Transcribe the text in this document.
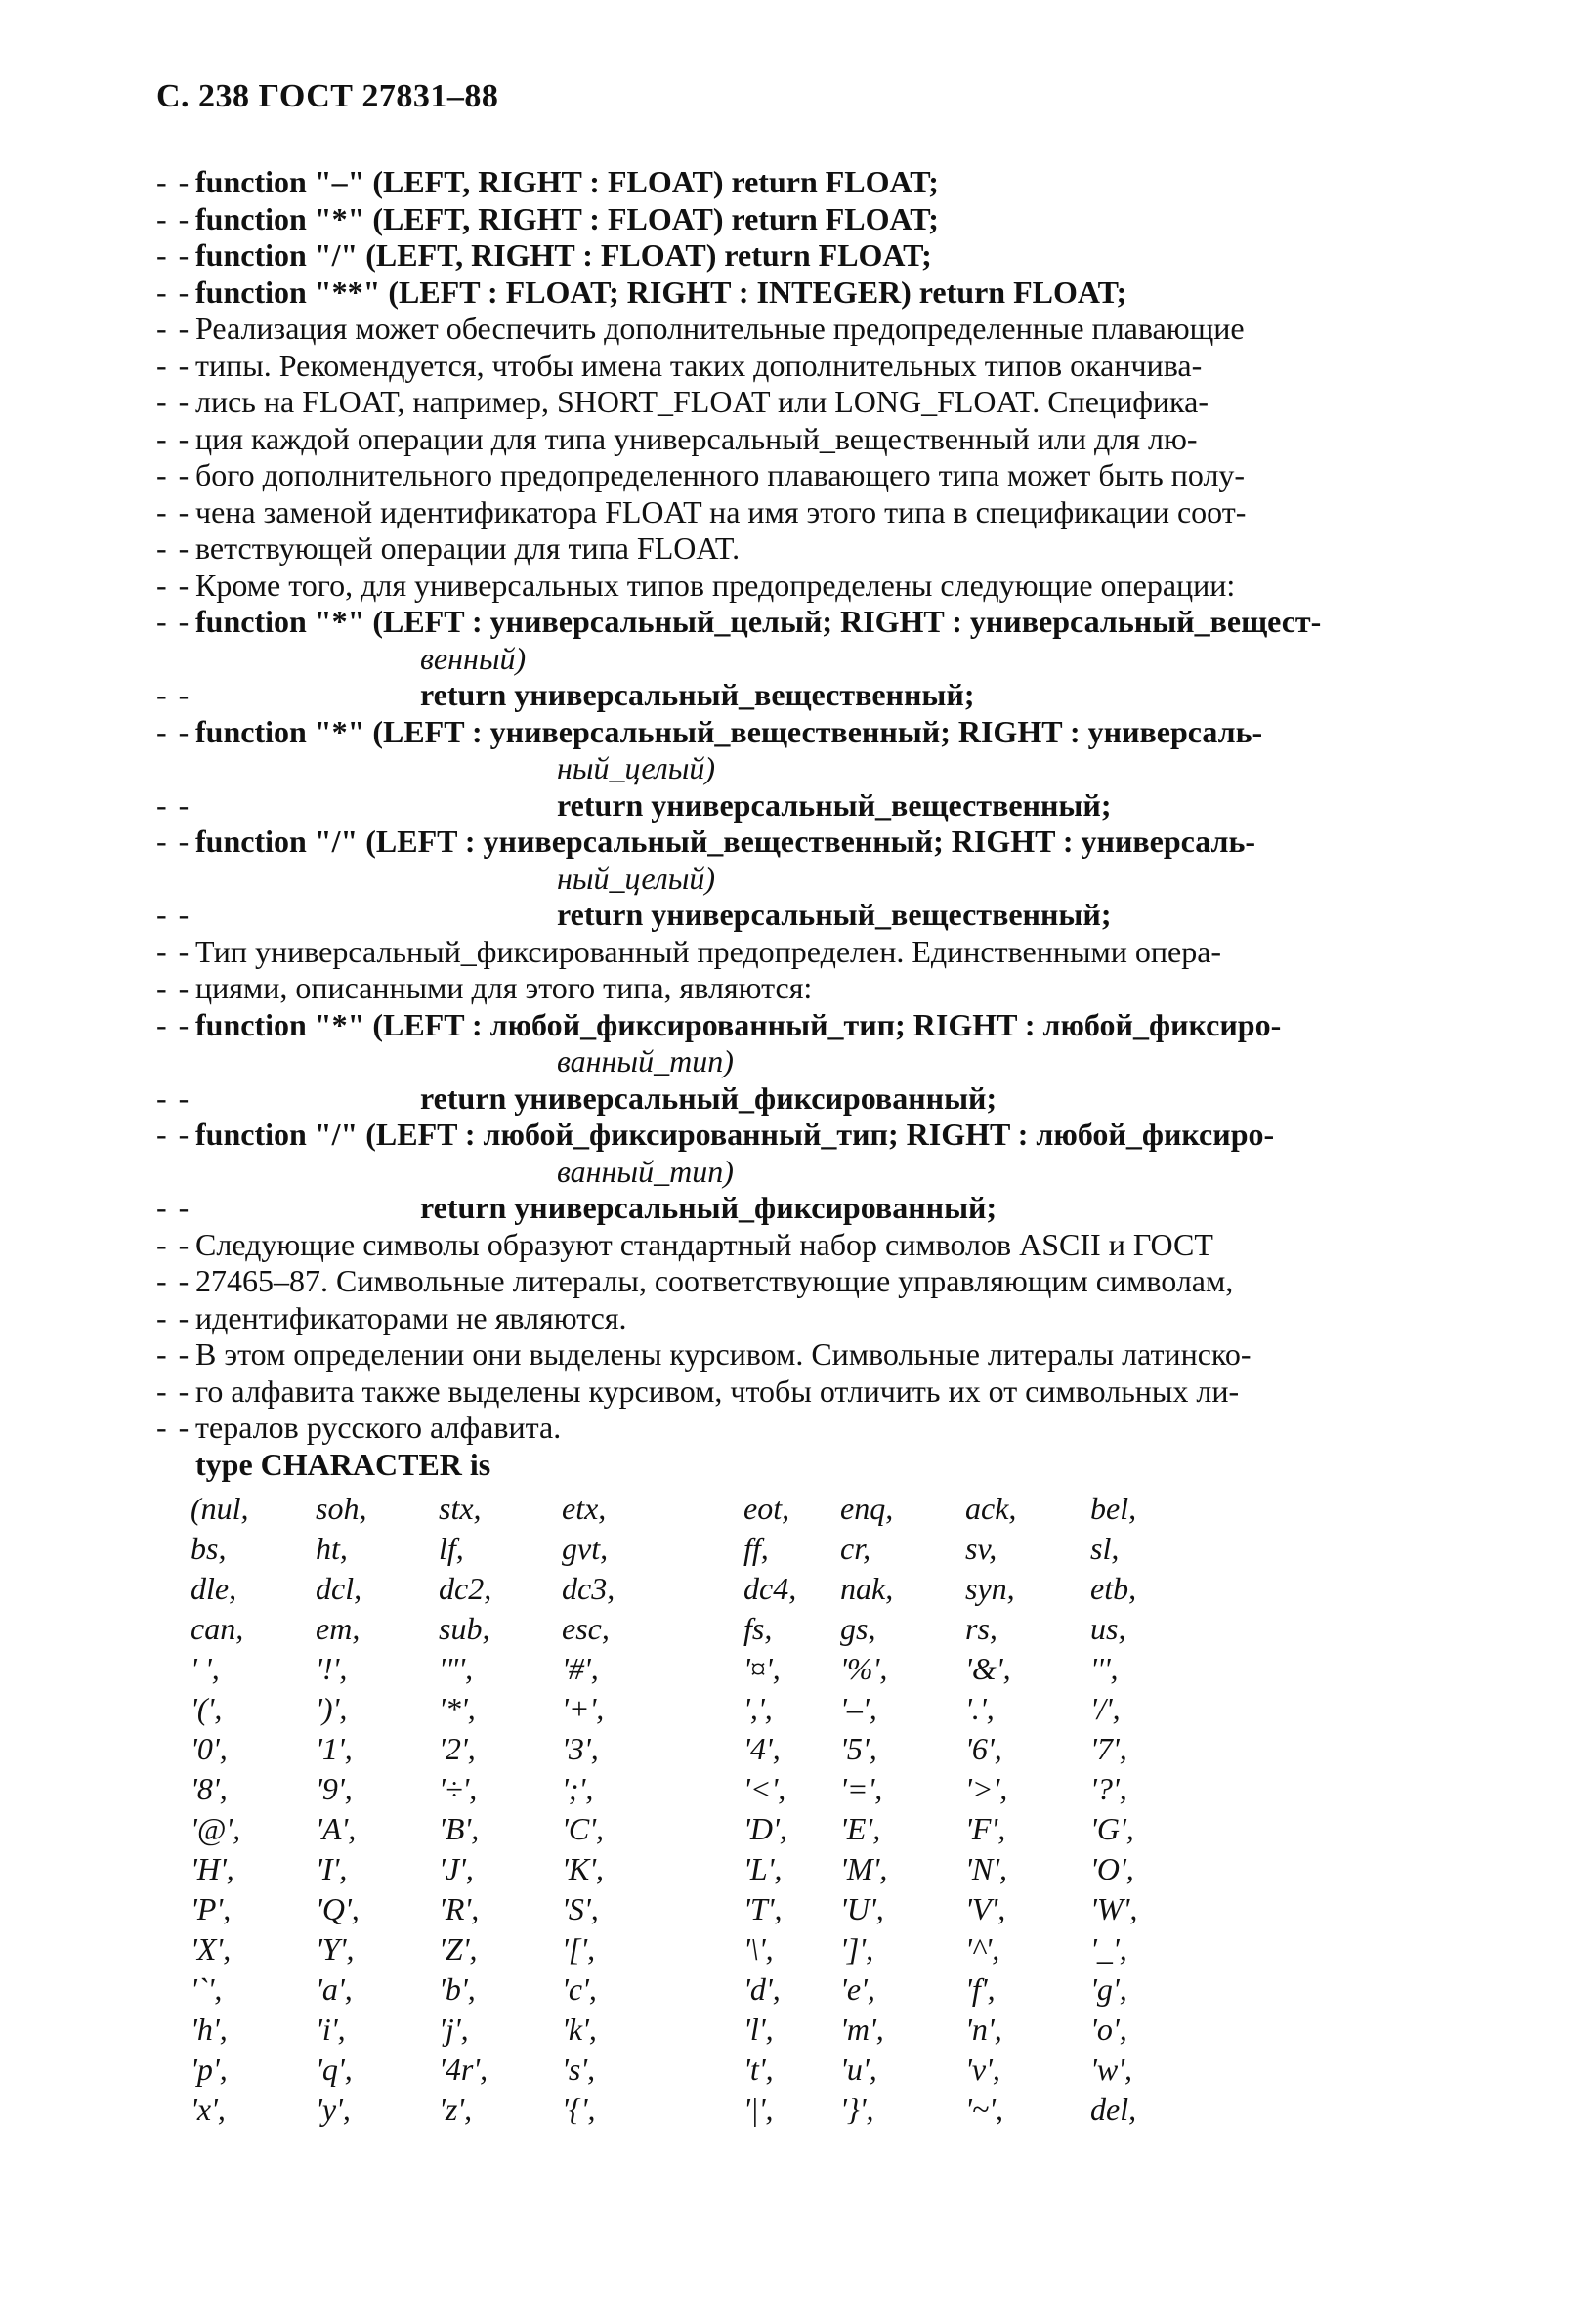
С. 238 ГОСТ 27831–88
- - function "–" (LEFT, RIGHT : FLOAT) return FLOAT;
- - function "*" (LEFT, RIGHT : FLOAT) return FLOAT;
- - function "/" (LEFT, RIGHT : FLOAT) return FLOAT;
- - function "**" (LEFT : FLOAT; RIGHT : INTEGER) return FLOAT;
- - Реализация может обеспечить дополнительные предопределенные плавающие
- - типы. Рекомендуется, чтобы имена таких дополнительных типов оканчива-
- - лись на FLOAT, например, SHORT_FLOAT или LONG_FLOAT. Специфика-
- - ция каждой операции для типа универсальный_вещественный или для лю-
- - бого дополнительного предопределенного плавающего типа может быть полу-
- - чена заменой идентификатора FLOAT на имя этого типа в спецификации соот-
- - ветствующей операции для типа FLOAT.
- - Кроме того, для универсальных типов предопределены следующие операции:
- - function "*" (LEFT : универсальный_целый; RIGHT : универсальный_вещест-
венный)
- -	return универсальный_вещественный;
- - function "*" (LEFT : универсальный_вещественный; RIGHT : универсаль-
ный_целый)
- -	return универсальный_вещественный;
- - function "/" (LEFT : универсальный_вещественный; RIGHT : универсаль-
ный_целый)
- -	return универсальный_вещественный;
- - Тип универсальный_фиксированный предопределен. Единственными опера-
- - циями, описанными для этого типа, являются:
- - function "*" (LEFT : любой_фиксированный_тип; RIGHT : любой_фиксиро-
ванный_тип)
- -	return универсальный_фиксированный;
- - function "/" (LEFT : любой_фиксированный_тип; RIGHT : любой_фиксиро-
ванный_тип)
- -	return универсальный_фиксированный;
- - Следующие символы образуют стандартный набор символов ASCII и ГОСТ
- - 27465–87. Символьные литералы, соответствующие управляющим символам,
- - идентификаторами не являются.
- - В этом определении они выделены курсивом. Символьные литералы латинско-
- - го алфавита также выделены курсивом, чтобы отличить их от символьных ли-
- - тералов русского алфавита.
type CHARACTER is
(nul,	soh,	stx,	etx,	eot,	enq,	ack,	bel,
bs,	ht,	lf,	gvt,	ff,	cr,	sv,	sl,
dle,	dcl,	dc2,	dc3,	dc4,	nak,	syn,	etb,
can,	em,	sub,	esc,	fs,	gs,	rs,	us,
' ',	'!',	'"',	'#',	'¤',	'%',	'&',	''',
'(',	')',	'*',	'+',	',',	'–',	'.',	'/',
'0',	'1',	'2',	'3',	'4',	'5',	'6',	'7',
'8',	'9',	'÷',	';',	'<',	'=',	'>',	'?',
'@',	'A',	'B',	'C',	'D',	'E',	'F',	'G',
'H',	'I',	'J',	'K',	'L',	'M',	'N',	'O',
'P',	'Q',	'R',	'S',	'T',	'U',	'V',	'W',
'X',	'Y',	'Z',	'[',	'\',	']',	'^',	'_',
'`',	'a',	'b',	'c',	'd',	'e',	'f',	'g',
'h',	'i',	'j',	'k',	'l',	'm',	'n',	'o',
'p',	'q',	'4r',	's',	't',	'u',	'v',	'w',
'x',	'y',	'z',	'{',	'|',	'}',	'~',	del,
